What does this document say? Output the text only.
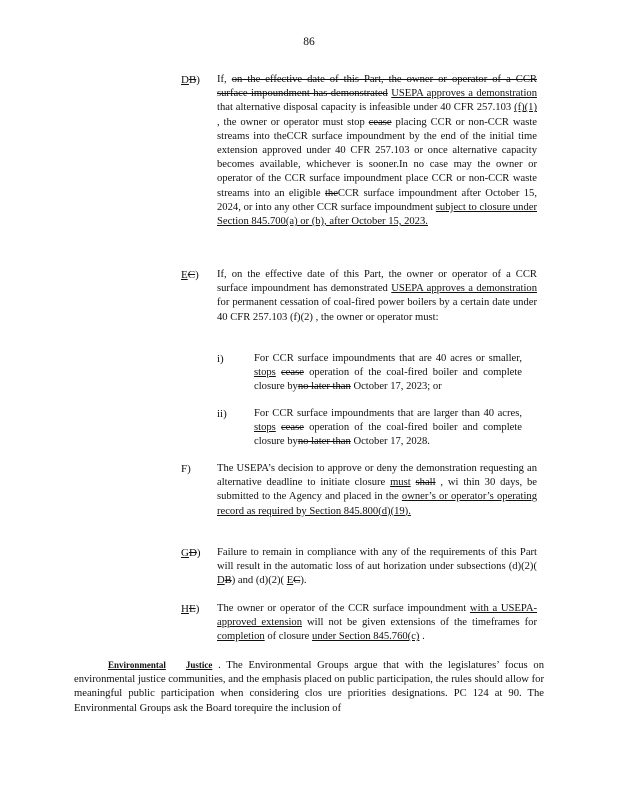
86
DB) If, on the effective date of this Part, the owner or operator of a CCR surface impoundment has demonstrated USEPA approves a demonstration that alternative disposal capacity is infeasible under 40 CFR 257.103 (f)(1) , the owner or operator must stop cease placing CCR or non-CCR waste streams into theCCR surface impoundment by the end of the initial time extension approved under 40 CFR 257.103 or once alternative capacity becomes available, whichever is sooner.In no case may the owner or operator of the CCR surface impoundment place CCR or non-CCR waste streams into an eligible theCCR surface impoundment after October 15, 2024, or into any other CCR surface impoundment subject to closure under Section 845.700(a) or (b), after October 15, 2023.
EC) If, on the effective date of this Part, the owner or operator of a CCR surface impoundment has demonstrated USEPA approves a demonstration for permanent cessation of coal-fired power boilers by a certain date under 40 CFR 257.103 (f)(2) , the owner or operator must:
i)	For CCR surface impoundments that are 40 acres or smaller, stops cease operation of the coal-fired boiler and complete closure byno later than October 17, 2023; or
ii)	For CCR surface impoundments that are larger than 40 acres, stops cease operation of the coal-fired boiler and complete closure byno later than October 17, 2028.
F) The USEPA’s decision to approve or deny the demonstration requesting an alternative deadline to initiate closure must shall , wi thin 30 days, be submitted to the Agency and placed in the owner’s or operator’s operating record as required by Section 845.800(d)(19).
GD) Failure to remain in compliance with any of the requirements of this Part will result in the automatic loss of aut horization under subsections (d)(2)( DB) and (d)(2)( EC).
HE) The owner or operator of the CCR surface impoundment with a USEPA-approved extension will not be given extensions of the timeframes for completion of closure under Section 845.760(c) .
Environmental Justice . The Environmental Groups argue that with the legislatures’ focus on environmental justice communities, and the emphasis placed on public participation, the rules should allow for meaningful public participation when considering clos ure priorities designations. PC 124 at 90. The Environmental Groups ask the Board torequire the inclusion of
